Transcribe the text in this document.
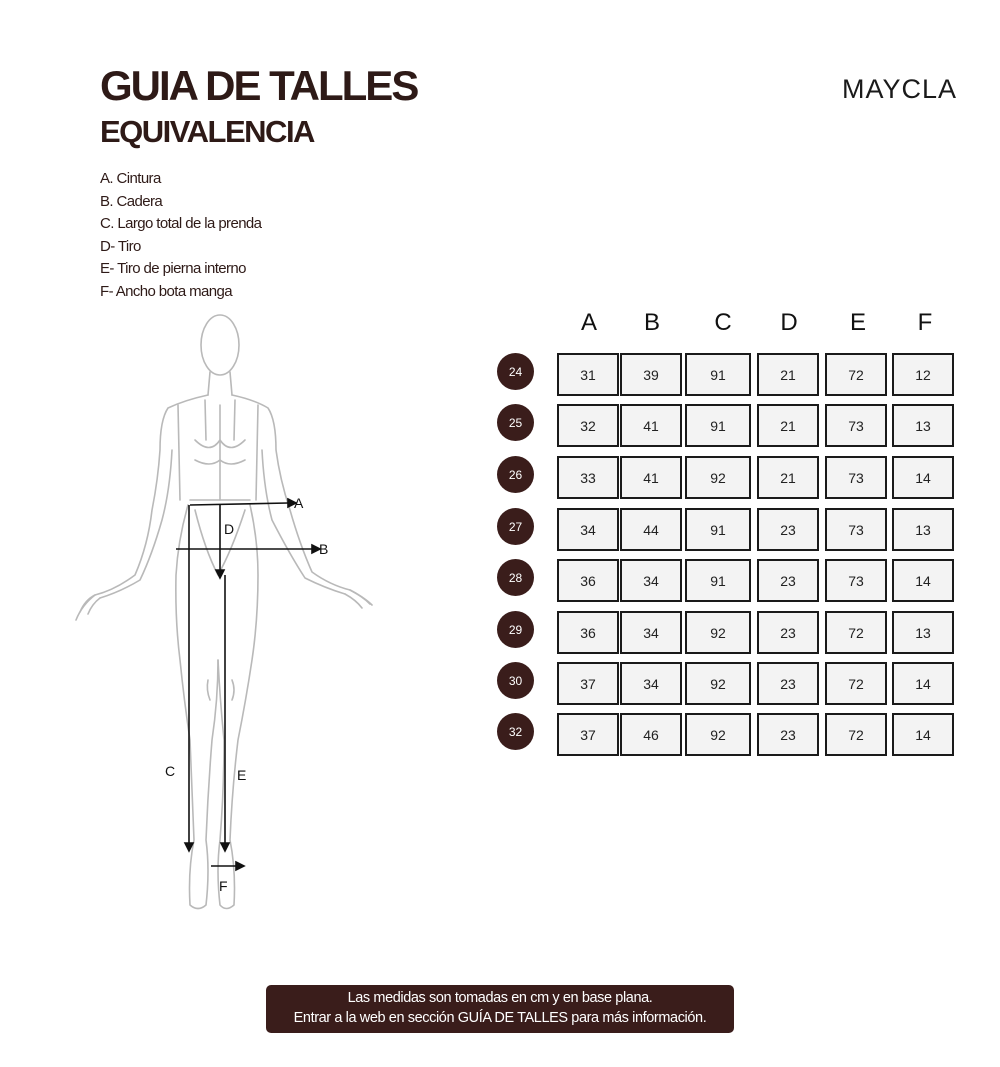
GUIA DE TALLES
EQUIVALENCIA
MAYCLA
A. Cintura
B. Cadera
C. Largo total de la prenda
D- Tiro
E- Tiro de pierna interno
F- Ancho bota manga
A
B
C
D
E
F
A	B	C	D	E	F
24	31	39	91	21	72	12
25	32	41	91	21	73	13
26	33	41	92	21	73	14
27	34	44	91	23	73	13
28	36	34	91	23	73	14
29	36	34	92	23	72	13
30	37	34	92	23	72	14
32	37	46	92	23	72	14
Las medidas son tomadas en cm y en base plana.
Entrar a la web en sección GUÍA DE TALLES para más información.
